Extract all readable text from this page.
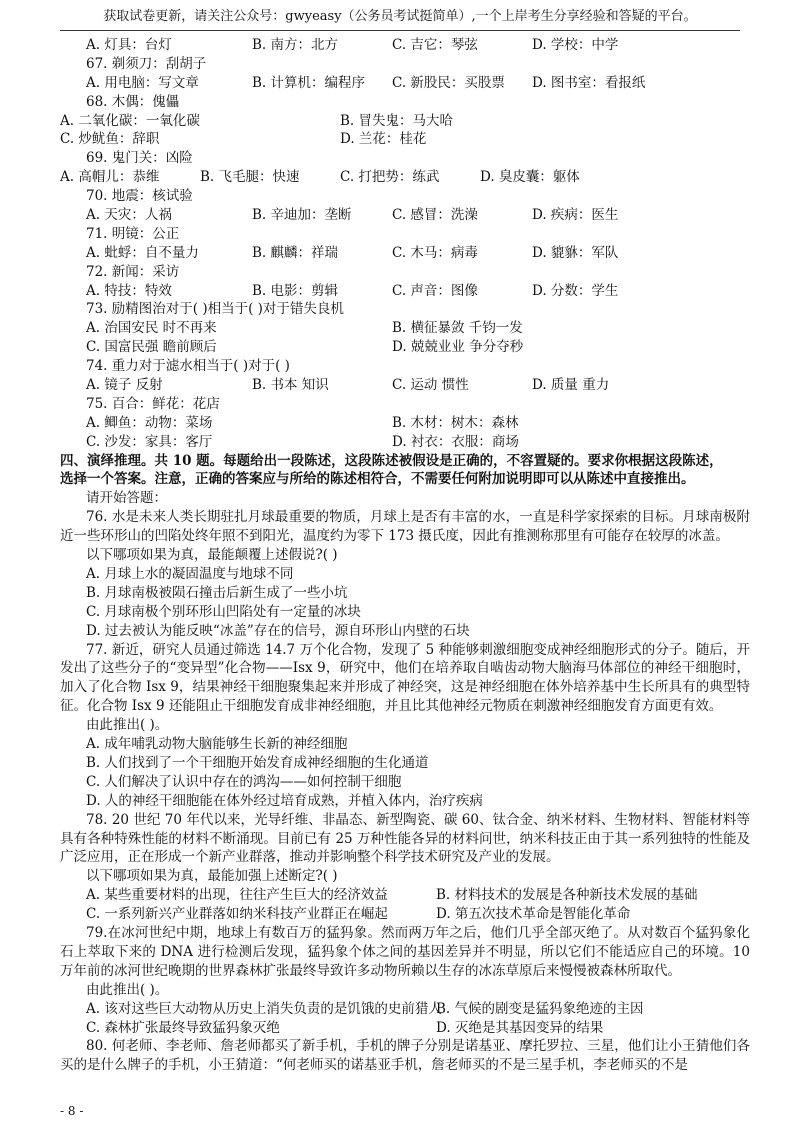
获取试卷更新，请关注公众号：gwyeasy（公务员考试挺简单）,一个上岸考生分享经验和答疑的平台。
A. 灯具：台灯	B. 南方：北方	C. 吉它：琴弦	D. 学校：中学
67. 剃须刀：刮胡子
A. 用电脑：写文章	B. 计算机：编程序	C. 新股民：买股票	D. 图书室：看报纸
68. 木偶：傀儡
A. 二氧化碳：一氧化碳	B. 冒失鬼：马大哈
C. 炒鱿鱼：辞职	D. 兰花：桂花
69. 鬼门关：凶险
A. 高帽儿：恭维	B. 飞毛腿：快速	C. 打把势：练武	D. 臭皮囊：躯体
70. 地震：核试验
A. 天灾：人祸	B. 辛迪加：垄断	C. 感冒：洗澡	D. 疾病：医生
71. 明镜：公正
A. 蚍蜉：自不量力	B. 麒麟：祥瑞	C. 木马：病毒	D. 貔貅：军队
72. 新闻：采访
A. 特技：特效	B. 电影：剪辑	C. 声音：图像	D. 分数：学生
73. 励精图治对于( )相当于( )对于错失良机
A. 治国安民 时不再来	B. 横征暴敛 千钧一发
C. 国富民强 瞻前顾后	D. 兢兢业业 争分夺秒
74. 重力对于滤水相当于( )对于( )
A. 镜子 反射	B. 书本 知识	C. 运动 惯性	D. 质量 重力
75. 百合：鲜花：花店
A. 鲫鱼：动物：菜场	B. 木材：树木：森林
C. 沙发：家具：客厅	D. 衬衣：衣服：商场
四、演绎推理。共 10 题。每题给出一段陈述，这段陈述被假设是正确的，不容置疑的。要求你根据这段陈述，
选择一个答案。注意，正确的答案应与所给的陈述相符合，不需要任何附加说明即可以从陈述中直接推出。
请开始答题：
76. 水是未来人类长期驻扎月球最重要的物质，月球上是否有丰富的水，一直是科学家探索的目标。月球南极附近一些环形山的凹陷处终年照不到阳光，温度约为零下 173 摄氏度，因此有推测称那里有可能存在较厚的冰盖。
以下哪项如果为真，最能颠覆上述假说?( )
A. 月球上水的凝固温度与地球不同
B. 月球南极被陨石撞击后新生成了一些小坑
C. 月球南极个别环形山凹陷处有一定量的冰块
D. 过去被认为能反映“冰盖”存在的信号，源自环形山内壁的石块
77. 新近，研究人员通过筛选 14.7 万个化合物，发现了 5 种能够刺激细胞变成神经细胞形式的分子。随后，开发出了这些分子的“变异型”化合物——Isx 9，研究中，他们在培养取自啮齿动物大脑海马体部位的神经干细胞时，加入了化合物 Isx 9，结果神经干细胞聚集起来并形成了神经突，这是神经细胞在体外培养基中生长所具有的典型特征。化合物 Isx 9 还能阻止干细胞发育成非神经细胞，并且比其他神经元物质在刺激神经细胞发育方面更有效。
由此推出( )。
A. 成年哺乳动物大脑能够生长新的神经细胞
B. 人们找到了一个干细胞开始发育成神经细胞的生化通道
C. 人们解决了认识中存在的鸿沟——如何控制干细胞
D. 人的神经干细胞能在体外经过培育成熟，并植入体内，治疗疾病
78. 20 世纪 70 年代以来，光导纤维、非晶态、新型陶瓷、碳 60、钛合金、纳米材料、生物材料、智能材料等具有各种特殊性能的材料不断涌现。目前已有 25 万种性能各异的材料问世，纳米科技正由于其一系列独特的性能及广泛应用，正在形成一个新产业群落，推动并影响整个科学技术研究及产业的发展。
以下哪项如果为真，最能加强上述断定?( )
A. 某些重要材料的出现，往往产生巨大的经济效益	B. 材料技术的发展是各种新技术发展的基础
C. 一系列新兴产业群落如纳米科技产业群正在崛起	D. 第五次技术革命是智能化革命
79.在冰河世纪中期，地球上有数百万的猛犸象。然而两万年之后，他们几乎全部灭绝了。从对数百个猛犸象化石上萃取下来的 DNA 进行检测后发现，猛犸象个体之间的基因差异并不明显，所以它们不能适应自己的环境。10 万年前的冰河世纪晚期的世界森林扩张最终导致许多动物所赖以生存的冰冻草原后来慢慢被森林所取代。
由此推出( )。
A. 该对这些巨大动物从历史上消失负责的是饥饿的史前猎人
B. 气候的剧变是猛犸象绝迹的主因
C. 森林扩张最终导致猛犸象灭绝	D. 灭绝是其基因变异的结果
80. 何老师、李老师、詹老师都买了新手机，手机的牌子分别是诺基亚、摩托罗拉、三星，他们让小王猜他们各买的是什么牌子的手机，小王猜道：“何老师买的诺基亚手机，詹老师买的不是三星手机，李老师买的不是
- 8 -
